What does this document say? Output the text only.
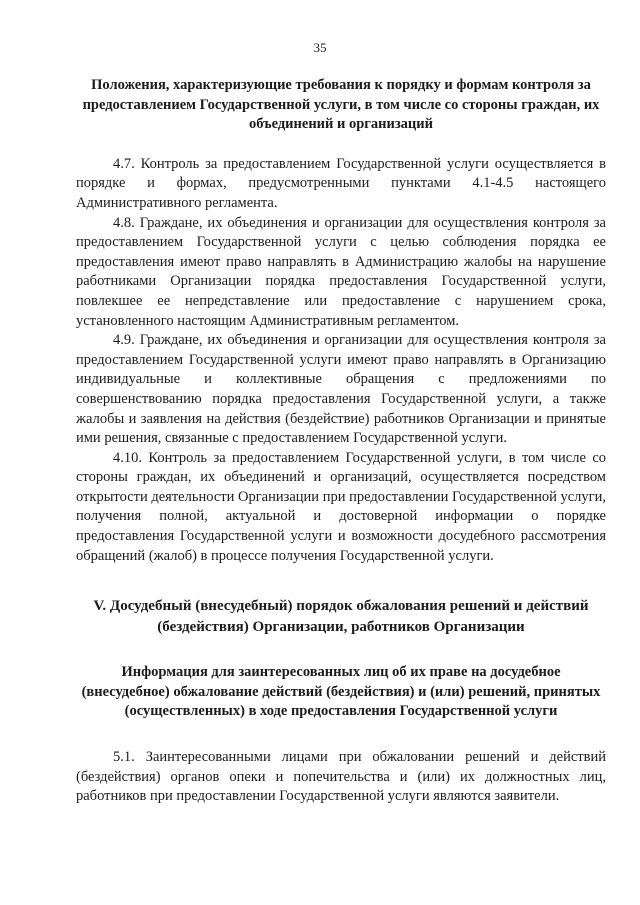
35

Положения, характеризующие требования к порядку и формам контроля за предоставлением Государственной услуги, в том числе со стороны граждан, их объединений и организаций

4.7. Контроль за предоставлением Государственной услуги осуществляется в порядке и формах, предусмотренными пунктами 4.1-4.5 настоящего Административного регламента.

4.8. Граждане, их объединения и организации для осуществления контроля за предоставлением Государственной услуги с целью соблюдения порядка ее предоставления имеют право направлять в Администрацию жалобы на нарушение работниками Организации порядка предоставления Государственной услуги, повлекшее ее непредставление или предоставление с нарушением срока, установленного настоящим Административным регламентом.

4.9. Граждане, их объединения и организации для осуществления контроля за предоставлением Государственной услуги имеют право направлять в Организацию индивидуальные и коллективные обращения с предложениями по совершенствованию порядка предоставления Государственной услуги, а также жалобы и заявления на действия (бездействие) работников Организации и принятые ими решения, связанные с предоставлением Государственной услуги.

4.10. Контроль за предоставлением Государственной услуги, в том числе со стороны граждан, их объединений и организаций, осуществляется посредством открытости деятельности Организации при предоставлении Государственной услуги, получения полной, актуальной и достоверной информации о порядке предоставления Государственной услуги и возможности досудебного рассмотрения обращений (жалоб) в процессе получения Государственной услуги.

V. Досудебный (внесудебный) порядок обжалования решений и действий (бездействия) Организации, работников Организации

Информация для заинтересованных лиц об их праве на досудебное (внесудебное) обжалование действий (бездействия) и (или) решений, принятых (осуществленных) в ходе предоставления Государственной услуги

5.1. Заинтересованными лицами при обжаловании решений и действий (бездействия) органов опеки и попечительства и (или) их должностных лиц, работников при предоставлении Государственной услуги являются заявители.
